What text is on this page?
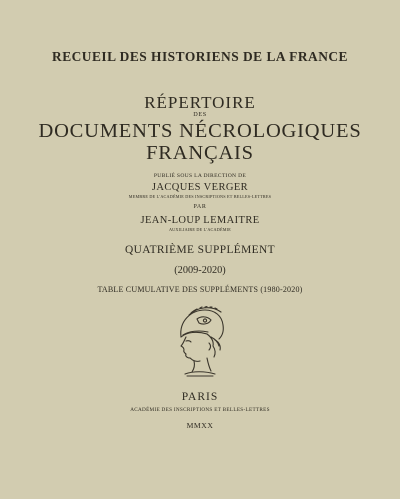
RECUEIL DES HISTORIENS DE LA FRANCE
RÉPERTOIRE
DES
DOCUMENTS NÉCROLOGIQUES
FRANÇAIS
PUBLIÉ SOUS LA DIRECTION DE
JACQUES VERGER
MEMBRE DE L'ACADÉMIE DES INSCRIPTIONS ET BELLES-LETTRES
PAR
JEAN-LOUP LEMAITRE
AUXILIAIRE DE L'ACADÉMIE
QUATRIÈME SUPPLÉMENT
(2009-2020)
TABLE CUMULATIVE DES SUPPLÉMENTS (1980-2020)
PARIS
ACADÉMIE DES INSCRIPTIONS ET BELLES-LETTRES
MMXX
